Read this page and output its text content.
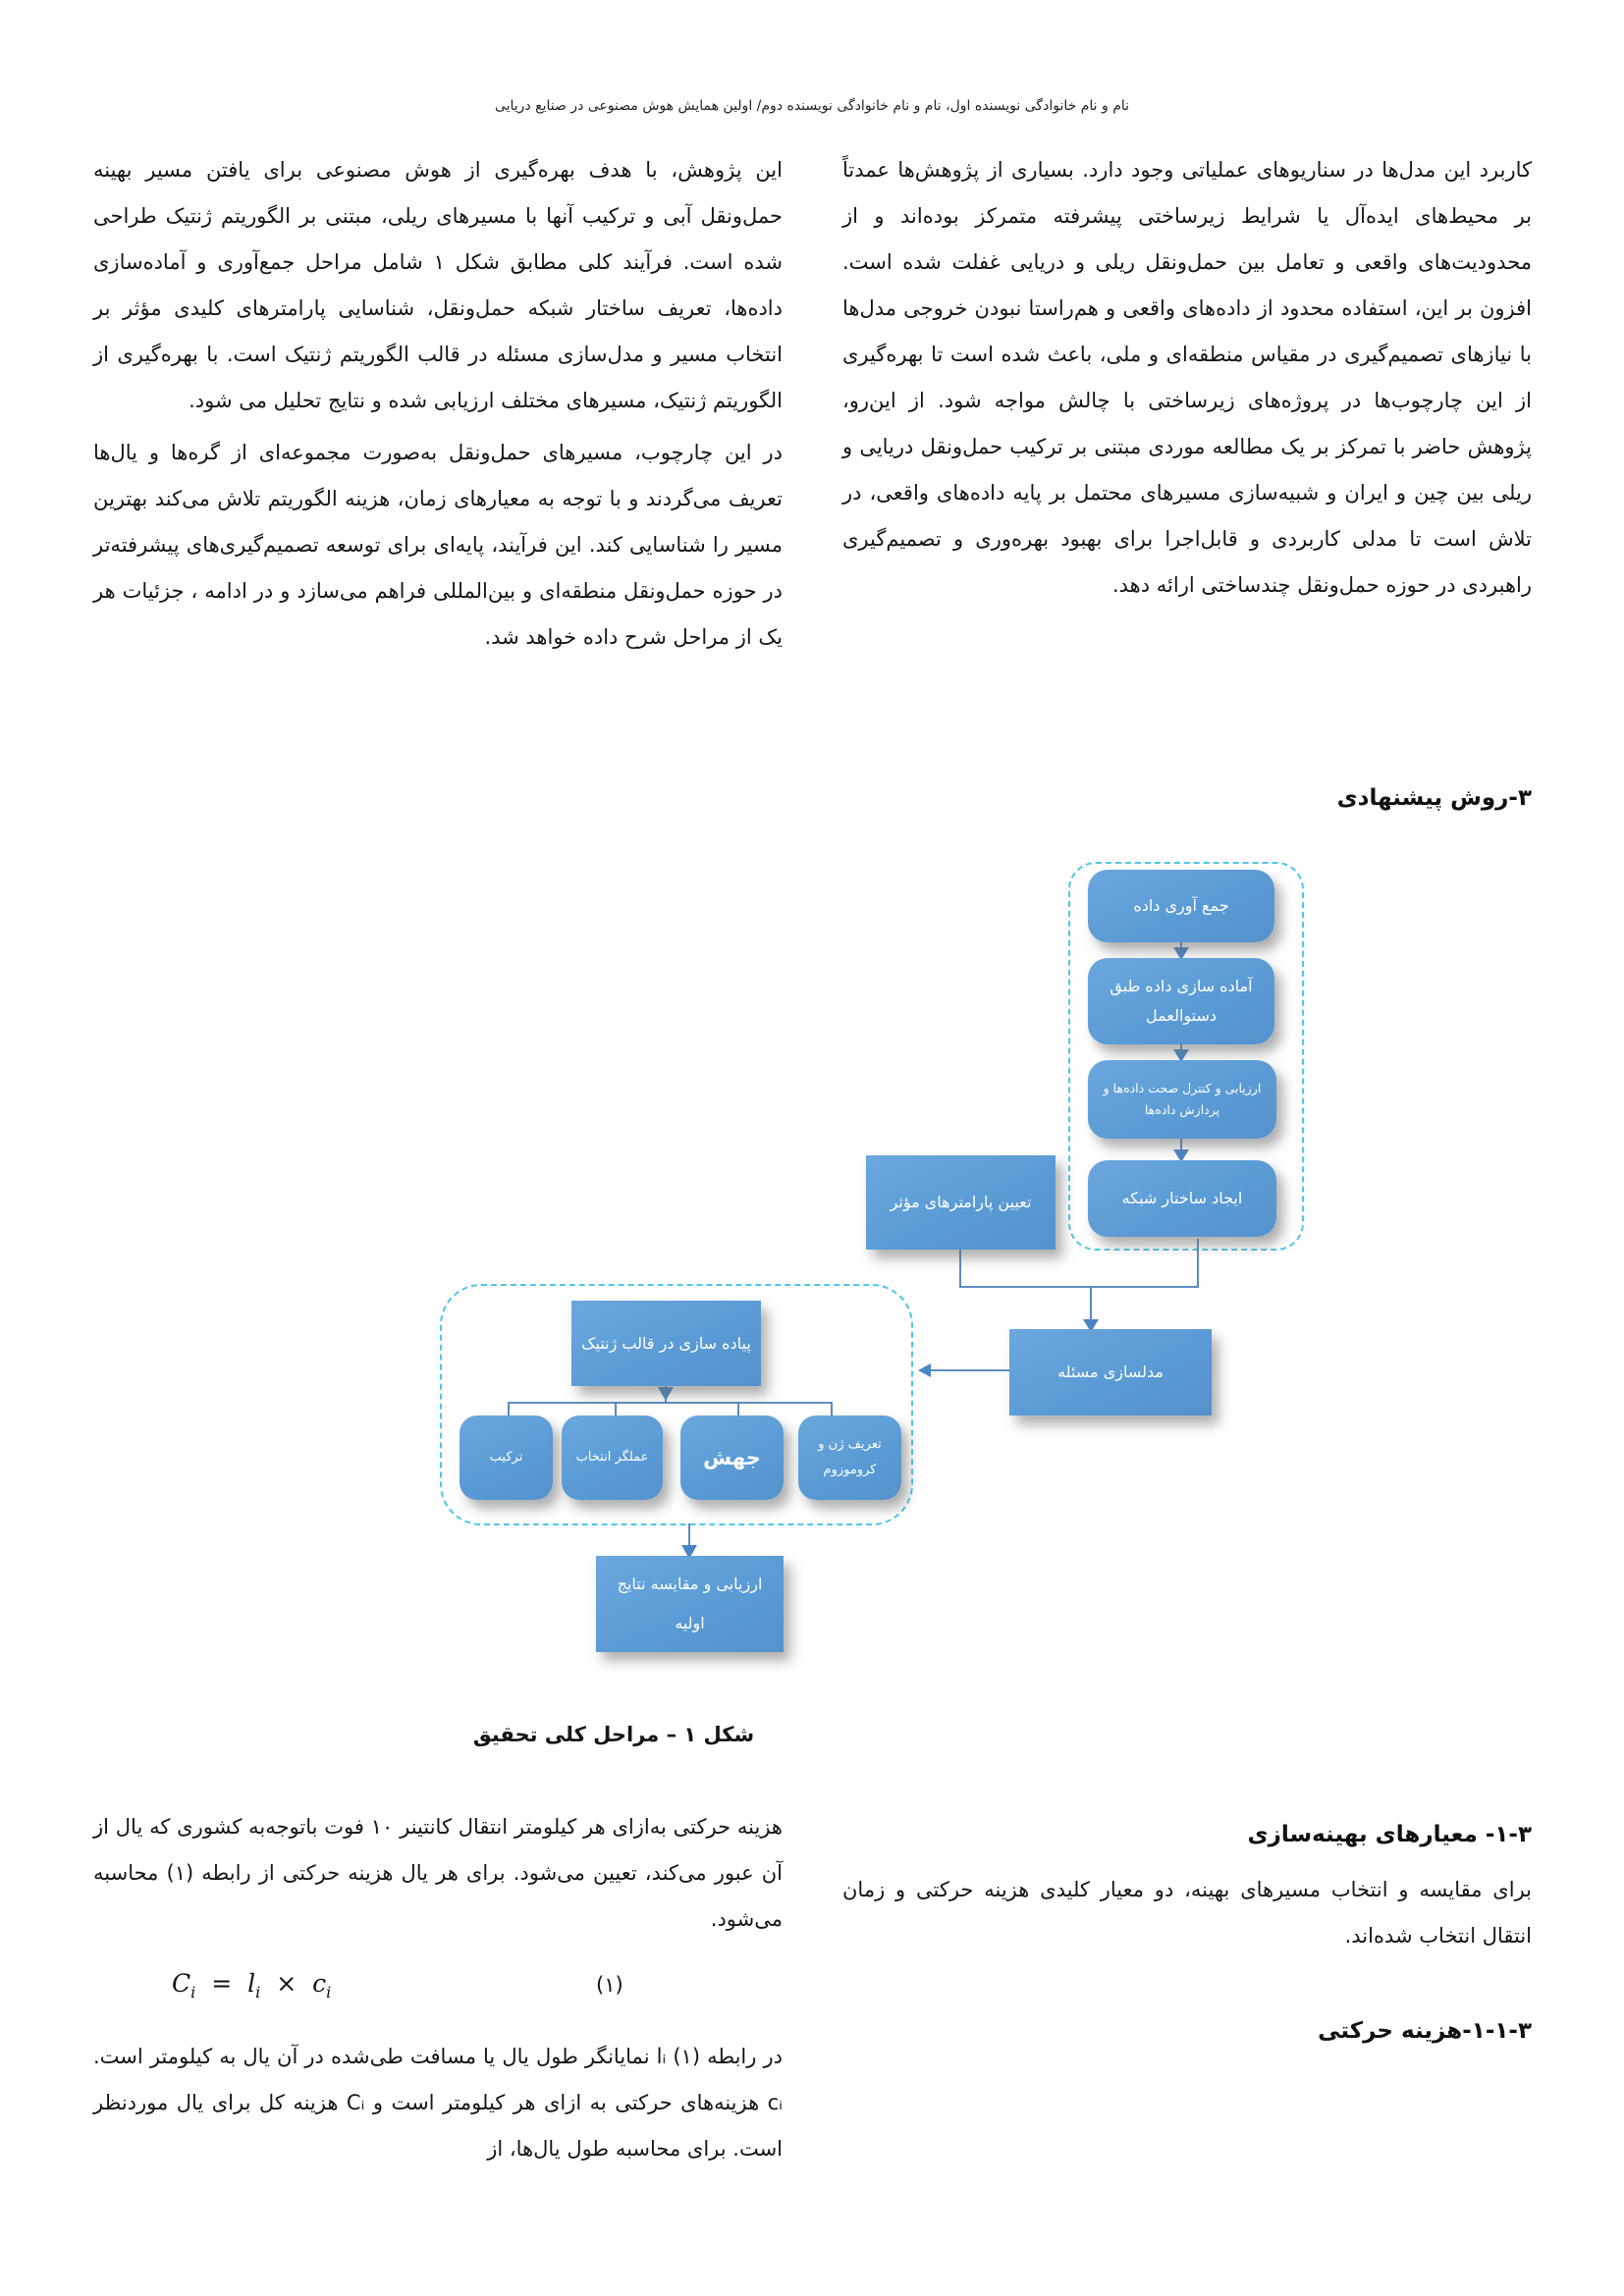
نام و نام خانوادگی نویسنده اول، نام و نام خانوادگی نویسنده دوم/ اولین همایش هوش مصنوعی در صنایع دریایی

کاربرد این مدل‌ها در سناریوهای عملیاتی وجود دارد. بسیاری از پژوهش‌ها عمدتاً بر محیط‌های ایده‌آل یا شرایط زیرساختی پیشرفته متمرکز بوده‌اند و از محدودیت‌های واقعی و تعامل بین حمل‌ونقل ریلی و دریایی غفلت شده است. افزون بر این، استفاده محدود از داده‌های واقعی و هم‌راستا نبودن خروجی مدل‌ها با نیازهای تصمیم‌گیری در مقیاس منطقه‌ای و ملی، باعث شده است تا بهره‌گیری از این چارچوب‌ها در پروژه‌های زیرساختی با چالش مواجه شود. از این‌رو، پژوهش حاضر با تمرکز بر یک مطالعه موردی مبتنی بر ترکیب حمل‌ونقل دریایی و ریلی بین چین و ایران و شبیه‌سازی مسیرهای محتمل بر پایه داده‌های واقعی، در تلاش است تا مدلی کاربردی و قابل‌اجرا برای بهبود بهره‌وری و تصمیم‌گیری راهبردی در حوزه حمل‌ونقل چندساختی ارائه دهد.

۳-روش پیشنهادی

این پژوهش، با هدف بهره‌گیری از هوش مصنوعی برای یافتن مسیر بهینه حمل‌ونقل آبی و ترکیب آنها با مسیرهای ریلی، مبتنی بر الگوریتم ژنتیک طراحی شده است. فرآیند کلی مطابق شکل ۱ شامل مراحل جمع‌آوری و آماده‌سازی داده‌ها، تعریف ساختار شبکه حمل‌ونقل، شناسایی پارامترهای کلیدی مؤثر بر انتخاب مسیر و مدل‌سازی مسئله در قالب الگوریتم ژنتیک است. با بهره‌گیری از الگوریتم ژنتیک، مسیرهای مختلف ارزیابی شده و نتایج تحلیل می شود.

در این چارچوب، مسیرهای حمل‌ونقل به‌صورت مجموعه‌ای از گره‌ها و یال‌ها تعریف می‌گردند و با توجه به معیارهای زمان، هزینه الگوریتم تلاش می‌کند بهترین مسیر را شناسایی کند. این فرآیند، پایه‌ای برای توسعه تصمیم‌گیری‌های پیشرفته‌تر در حوزه حمل‌ونقل منطقه‌ای و بین‌المللی فراهم می‌سازد و در ادامه ، جزئیات هر یک از مراحل شرح داده خواهد شد.

جمع آوری داده
آماده سازی داده طبق دستوالعمل
ارزیابی و کنترل صحت داده‌ها و پردازش داده‌ها
ایجاد ساختار شبکه
تعیین پارامترهای مؤثر
مدلسازی مسئله
پیاده سازی در قالب ژنتیک
ترکیب	عملگر انتخاب	جهش
تعریف ژن و کروموزوم
ارزیابی و مقایسه نتایج اولیه
شکل ۱ – مراحل کلی تحقیق
۱-۳- معیارهای بهینه‌سازی

برای مقایسه و انتخاب مسیرهای بهینه، دو معیار کلیدی هزینه حرکتی و زمان انتقال انتخاب شده‌اند.

۱-۱-۳-هزینه حرکتی

هزینه حرکتی به‌ازای هر کیلومتر انتقال کانتینر ۱۰ فوت باتوجه‌به کشوری که یال از آن عبور می‌کند، تعیین می‌شود. برای هر یال هزینه حرکتی از رابطه (۱) محاسبه می‌شود.

$C_i = l_i \times c_i$	(۱)

در رابطه (۱) lᵢ نمایانگر طول یال یا مسافت طی‌شده در آن یال به کیلومتر است. cᵢ هزینه‌های حرکتی به ازای هر کیلومتر است و Cᵢ هزینه کل برای یال موردنظر است. برای محاسبه طول یال‌ها، از
